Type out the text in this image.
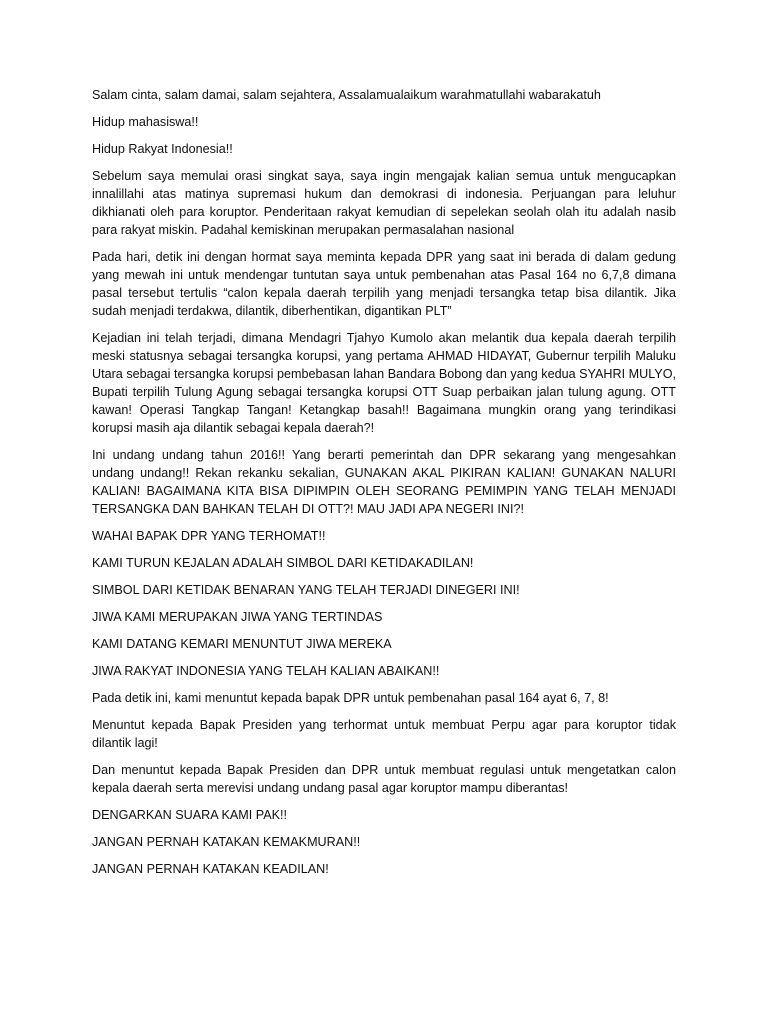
Salam cinta, salam damai, salam sejahtera, Assalamualaikum warahmatullahi wabarakatuh

Hidup mahasiswa!!

Hidup Rakyat Indonesia!!

Sebelum saya memulai orasi singkat saya, saya ingin mengajak kalian semua untuk mengucapkan innalillahi atas matinya supremasi hukum dan demokrasi di indonesia. Perjuangan para leluhur dikhianati oleh para koruptor. Penderitaan rakyat kemudian di sepelekan seolah olah itu adalah nasib para rakyat miskin. Padahal kemiskinan merupakan permasalahan nasional

Pada hari, detik ini dengan hormat saya meminta kepada DPR yang saat ini berada di dalam gedung yang mewah ini untuk mendengar tuntutan saya untuk pembenahan atas Pasal 164 no 6,7,8 dimana pasal tersebut tertulis “calon kepala daerah terpilih yang menjadi tersangka tetap bisa dilantik. Jika sudah menjadi terdakwa, dilantik, diberhentikan, digantikan PLT”

Kejadian ini telah terjadi, dimana Mendagri Tjahyo Kumolo akan melantik dua kepala daerah terpilih meski statusnya sebagai tersangka korupsi, yang pertama AHMAD HIDAYAT, Gubernur terpilih Maluku Utara sebagai tersangka korupsi pembebasan lahan Bandara Bobong dan yang kedua SYAHRI MULYO, Bupati terpilih Tulung Agung sebagai tersangka korupsi OTT Suap perbaikan jalan tulung agung. OTT kawan! Operasi Tangkap Tangan! Ketangkap basah!! Bagaimana mungkin orang yang terindikasi korupsi masih aja dilantik sebagai kepala daerah?!

Ini undang undang tahun 2016!! Yang berarti pemerintah dan DPR sekarang yang mengesahkan undang undang!! Rekan rekanku sekalian, GUNAKAN AKAL PIKIRAN KALIAN! GUNAKAN NALURI KALIAN! BAGAIMANA KITA BISA DIPIMPIN OLEH SEORANG PEMIMPIN YANG TELAH MENJADI TERSANGKA DAN BAHKAN TELAH DI OTT?! MAU JADI APA NEGERI INI?!

WAHAI BAPAK DPR YANG TERHOMAT!!

KAMI TURUN KEJALAN ADALAH SIMBOL DARI KETIDAKADILAN!

SIMBOL DARI KETIDAK BENARAN YANG TELAH TERJADI DINEGERI INI!

JIWA KAMI MERUPAKAN JIWA YANG TERTINDAS

KAMI DATANG KEMARI MENUNTUT JIWA MEREKA

JIWA RAKYAT INDONESIA YANG TELAH KALIAN ABAIKAN!!

Pada detik ini, kami menuntut kepada bapak DPR untuk pembenahan pasal 164 ayat 6, 7, 8!

Menuntut kepada Bapak Presiden yang terhormat untuk membuat Perpu agar para koruptor tidak dilantik lagi!

Dan menuntut kepada Bapak Presiden dan DPR untuk membuat regulasi untuk mengetatkan calon kepala daerah serta merevisi undang undang pasal agar koruptor mampu diberantas!

DENGARKAN SUARA KAMI PAK!!

JANGAN PERNAH KATAKAN KEMAKMURAN!!

JANGAN PERNAH KATAKAN KEADILAN!
